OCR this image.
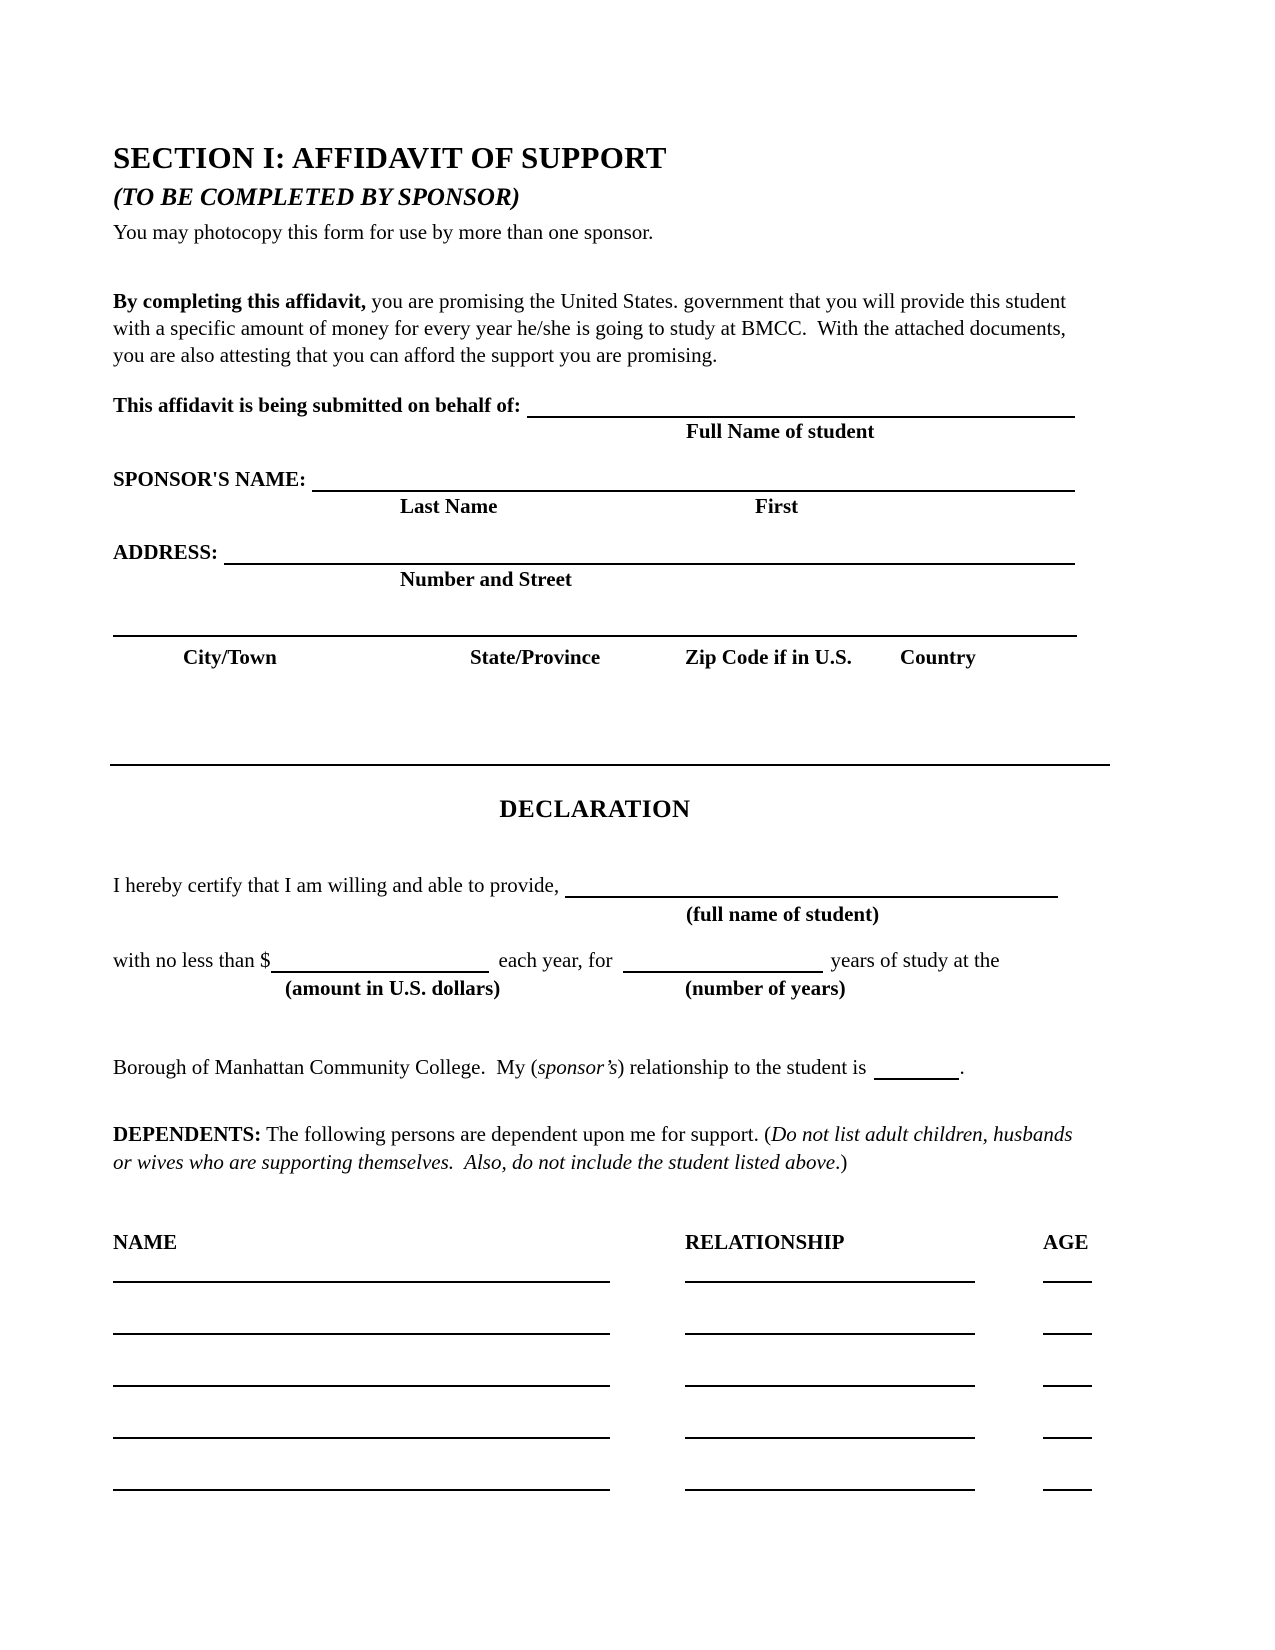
SECTION I: AFFIDAVIT OF SUPPORT
(TO BE COMPLETED BY SPONSOR)
You may photocopy this form for use by more than one sponsor.
By completing this affidavit, you are promising the United States. government that you will provide this student with a specific amount of money for every year he/she is going to study at BMCC.  With the attached documents, you are also attesting that you can afford the support you are promising.
This affidavit is being submitted on behalf of:
Full Name of student
SPONSOR'S NAME:
Last Name	First
ADDRESS:
Number and Street
City/Town	State/Province	Zip Code if in U.S. Country
DECLARATION
I hereby certify that I am willing and able to provide,
(full name of student)
with no less than $	each year, for	years of study at the
(amount in U.S. dollars)	(number of years)
Borough of Manhattan Community College.  My ( sponsor’s ) relationship to the student is	.
DEPENDENTS: The following persons are dependent upon me for support. (Do not list adult children, husbands or wives who are supporting themselves.  Also, do not include the student listed above.)
NAME	RELATIONSHIP	AGE
